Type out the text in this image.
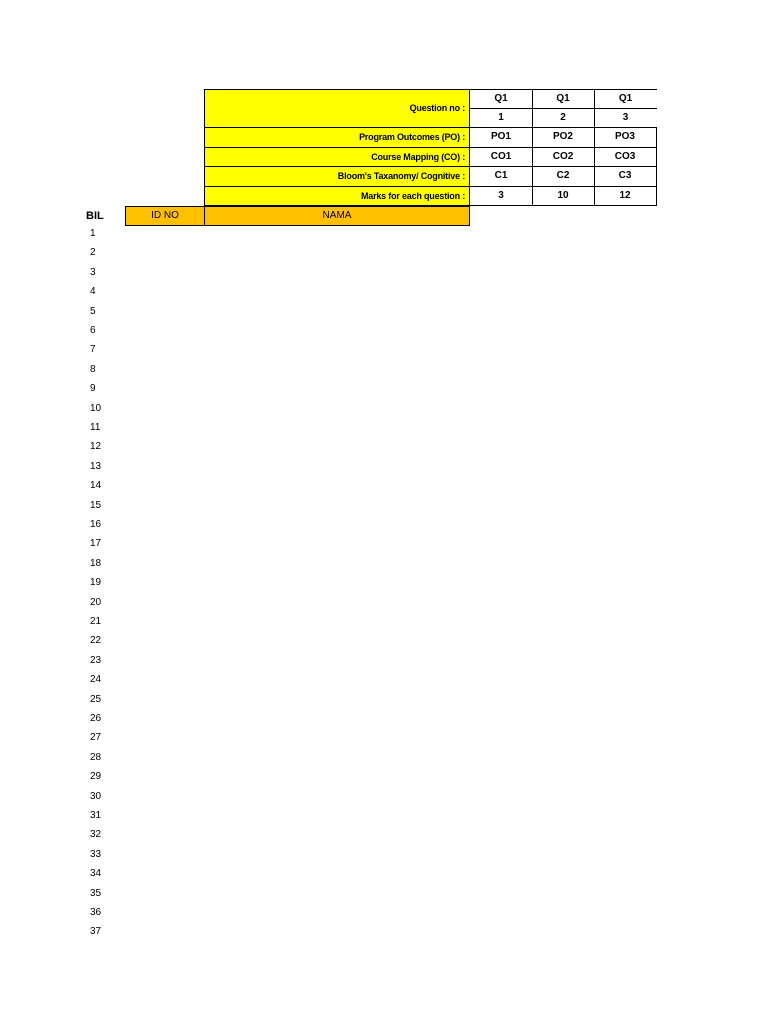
Question no :
Program Outcomes (PO) :
Course Mapping (CO) :
Bloom's Taxanomy/ Cognitive :
Marks for each question :
Q1
1
PO1
CO1
C1
3
Q1
2
PO2
CO2
C2
10
Q1
3
PO3
CO3
C3
12
BIL	ID NO	NAMA
1
2
3
4
5
6
7
8
9
10
11
12
13
14
15
16
17
18
19
20
21
22
23
24
25
26
27
28
29
30
31
32
33
34
35
36
37
